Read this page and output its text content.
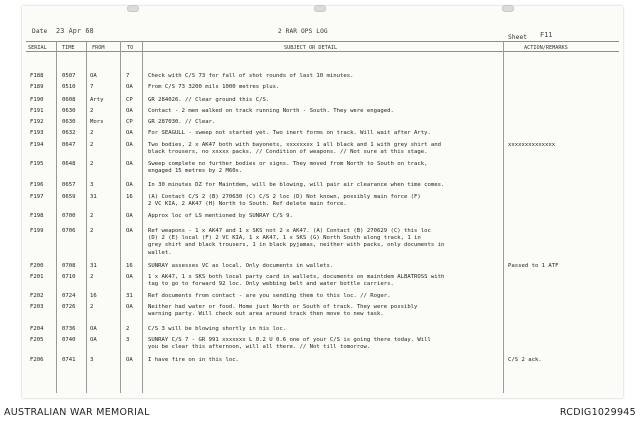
Date 23 Apr 68	2 RAR OPS LOG
Sheet F11
SERIAL	TIME	FROM	TO	SUBJECT OR DETAIL	ACTION/REMARKS
F188	0507	OA	7	Check with C/S 73 for fall of shot rounds of last 10 minutes.
F189	0510	7	OA	From C/S 73 3200 mils 1000 metres plus.
F190	0608	Arty	CP	GR 284026. // Clear ground this C/S.
F191	0630	2	OA	Contact - 2 men walked on track running North - South. They were engaged.
F192	0630	Mors	CP	GR 287030. // Clear.
F193	0632	2	OA	For SEAGULL - sweep not started yet. Two inert forms on track. Will wait after Arty.
F194	0647	2	OA	Two bodies, 2 x AK47 both with bayonets, xxxxxxxx 1 all black and 1 with grey shirt and
black trousers, no xxxxx packs. // Condition of weapons. // Not sure at this stage.
xxxxxxxxxxxxxx
F195	0648	2	OA	Sweep complete no further bodies or signs. They moved from North to South on track,
engaged 15 metres by 2 M60s.
F196	0657	3	OA	In 30 minutes DZ for Maintdem, will be blowing, will pair air clearance when time comes.
F197	0659	31	16	(A) Contact C/S 2 (B) 270630 (C) C/S 2 loc (D) Not known, possibly main force (F)
2 VC KIA, 2 AK47 (H) North to South. Ref delete main force.
F198	0700	2	OA	Approx loc of LS mentioned by SUNRAY C/S 9.
F199	0706	2	OA	Ref weapons - 1 x AK47 and 1 x SKS not 2 x AK47. (A) Contact (B) 270629 (C) this loc
(D) 2 (E) local (F) 2 VC KIA, 1 x AK47, 1 x SKS (G) North South along track, 1 in
grey shirt and black trousers, 1 in black pyjamas, neither with packs, only documents in
wallet.
F200	0708	31	16	SUNRAY assesses VC as local. Only documents in wallets.	Passed to 1 ATF
F201	0710	2	OA	1 x AK47, 1 x SKS both local party card in wallets, documents on maintdem ALBATROSS with
tag to go to forward 92 loc. Only webbing belt and water bottle carriers.
F202	0724	16	31	Ref documents from contact - are you sending them to this loc. // Roger.
F203	0726	2	OA	Neither had water or food. Home just North or South of track. They were possibly
warning party. Will check out area around track then move to new task.
F204	0736	OA	2	C/S 3 will be blowing shortly in his loc.
F205	0740	OA	3	SUNRAY C/S 7 - GR 991 xxxxxxx L 0.2 U 0.6 one of your C/S is going there today. Will
you be clear this afternoon, will all there. // Not till tomorrow.
F206	0741	3	OA	I have fire on in this loc.	C/S 2 ack.
AUSTRALIAN WAR MEMORIAL	RCDIG1029945
